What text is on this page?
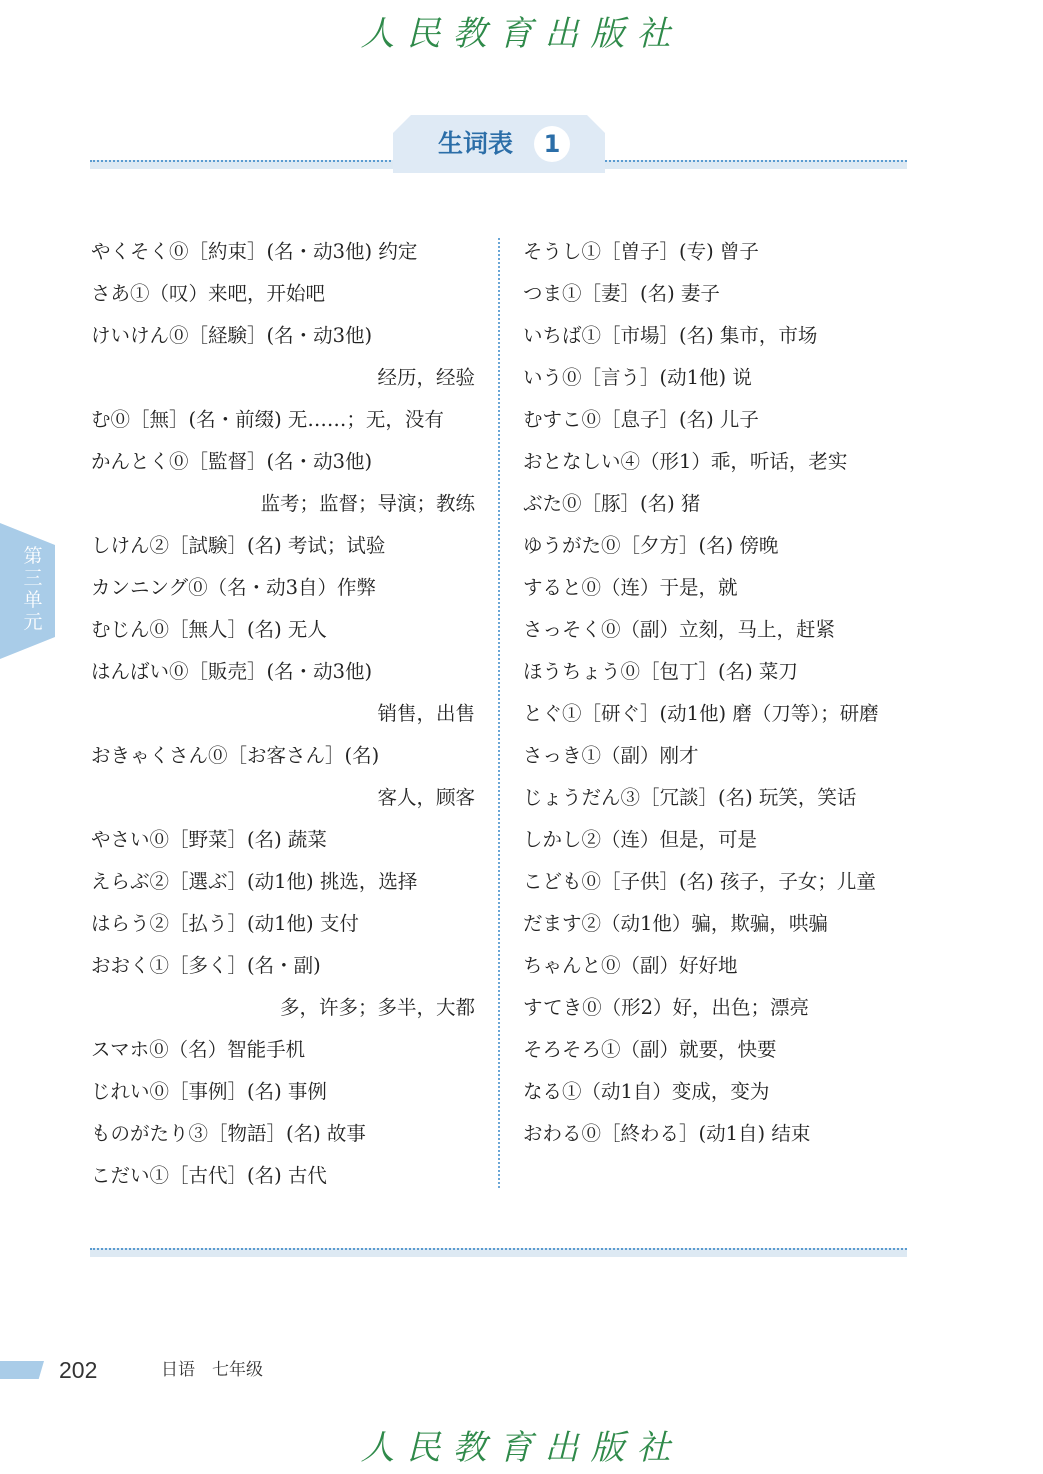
人民教育出版社
生词表	1
第三单元
やくそく⓪［約束］(名・动3他) 约定
さあ①（叹）来吧，开始吧
けいけん⓪［経験］(名・动3他)
经历，经验
む⓪［無］(名・前缀) 无……；无，没有
かんとく⓪［監督］(名・动3他)
监考；监督；导演；教练
しけん②［試験］(名) 考试；试验
カンニング⓪（名・动3自）作弊
むじん⓪［無人］(名) 无人
はんばい⓪［販売］(名・动3他)
销售，出售
おきゃくさん⓪［お客さん］(名)
客人，顾客
やさい⓪［野菜］(名) 蔬菜
えらぶ②［選ぶ］(动1他) 挑选，选择
はらう②［払う］(动1他) 支付
おおく①［多く］(名・副)
多，许多；多半，大都
スマホ⓪（名）智能手机
じれい⓪［事例］(名) 事例
ものがたり③［物語］(名) 故事
こだい①［古代］(名) 古代
そうし①［曽子］(专) 曾子
つま①［妻］(名) 妻子
いちば①［市場］(名) 集市，市场
いう⓪［言う］(动1他) 说
むすこ⓪［息子］(名) 儿子
おとなしい④（形1）乖，听话，老实
ぶた⓪［豚］(名) 猪
ゆうがた⓪［夕方］(名) 傍晚
すると⓪（连）于是，就
さっそく⓪（副）立刻，马上，赶紧
ほうちょう⓪［包丁］(名) 菜刀
とぐ①［研ぐ］(动1他) 磨（刀等）；研磨
さっき①（副）刚才
じょうだん③［冗談］(名) 玩笑，笑话
しかし②（连）但是，可是
こども⓪［子供］(名) 孩子，子女；儿童
だます②（动1他）骗，欺骗，哄骗
ちゃんと⓪（副）好好地
すてき⓪（形2）好，出色；漂亮
そろそろ①（副）就要，快要
なる①（动1自）变成，变为
おわる⓪［終わる］(动1自) 结束
202	日语　七年级
人民教育出版社
